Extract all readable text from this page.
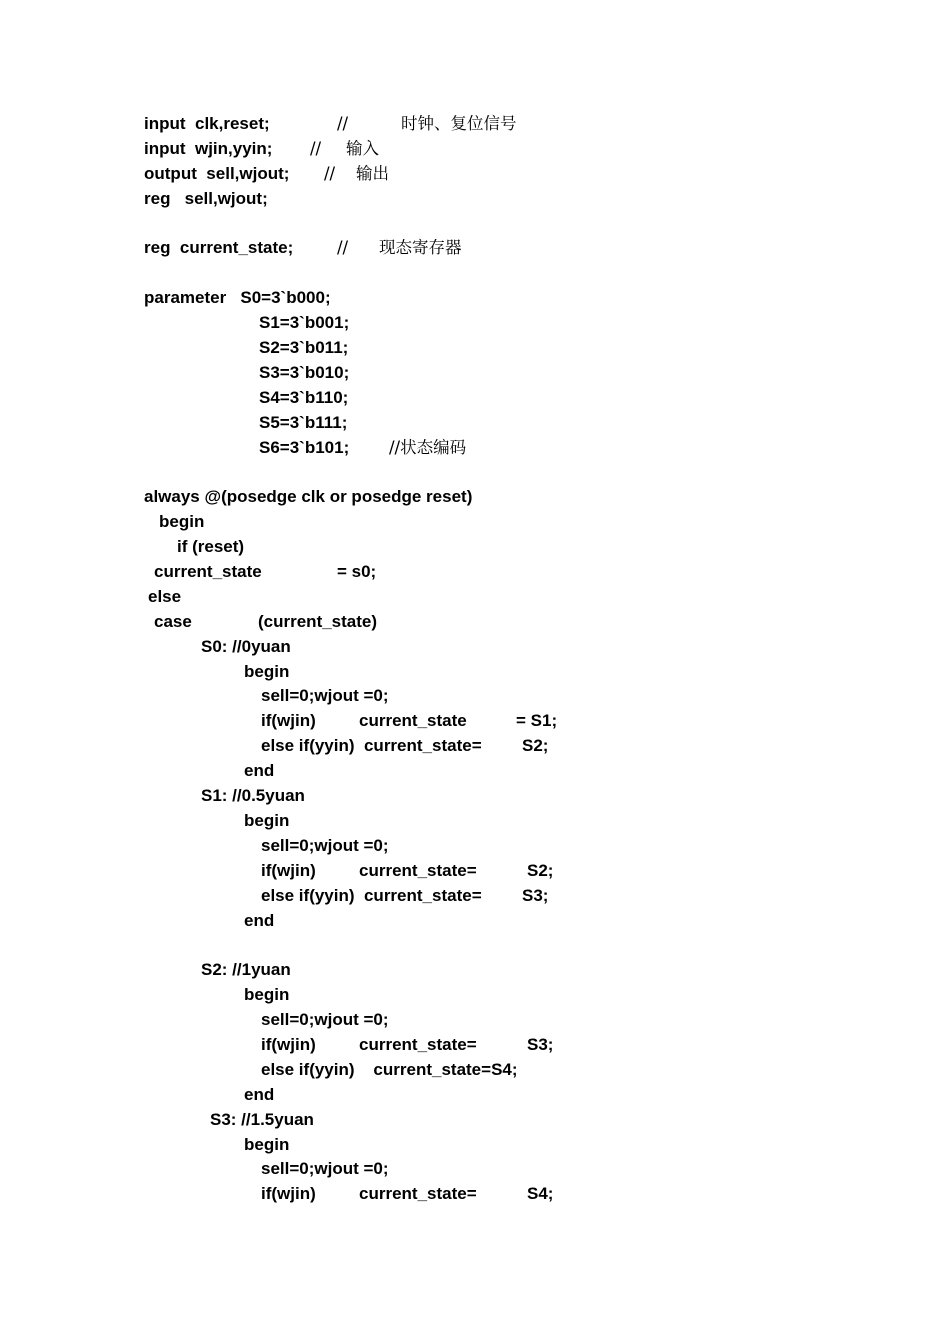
input  clk,reset;

	//

	时钟、复位信号

input  wjin,yyin;

//

输入

output  sell,wjout;

//

输出

reg   sell,wjout;

reg  current_state;

	//

现态寄存器

parameter   S0=3`b000;

S1=3`b001;

S2=3`b011;

S3=3`b010;

S4=3`b110;

S5=3`b111;

S6=3`b101;

//状态编码

always @(posedge clk or posedge reset)

begin

if (reset)

current_state

	= s0;

else

case

	(current_state)

S0: //0yuan

begin

sell=0;wjout =0;

if(wjin)

	current_state

	= S1;

else if(yyin)  current_state=

S2;

end

S1: //0.5yuan

begin

sell=0;wjout =0;

if(wjin)

	current_state=

	S2;

else if(yyin)  current_state=

S3;

end

S2: //1yuan

begin

sell=0;wjout =0;

if(wjin)

	current_state=

	S3;

else if(yyin)    current_state=S4;

end

S3: //1.5yuan

begin

sell=0;wjout =0;

if(wjin)

	current_state=

	S4;
